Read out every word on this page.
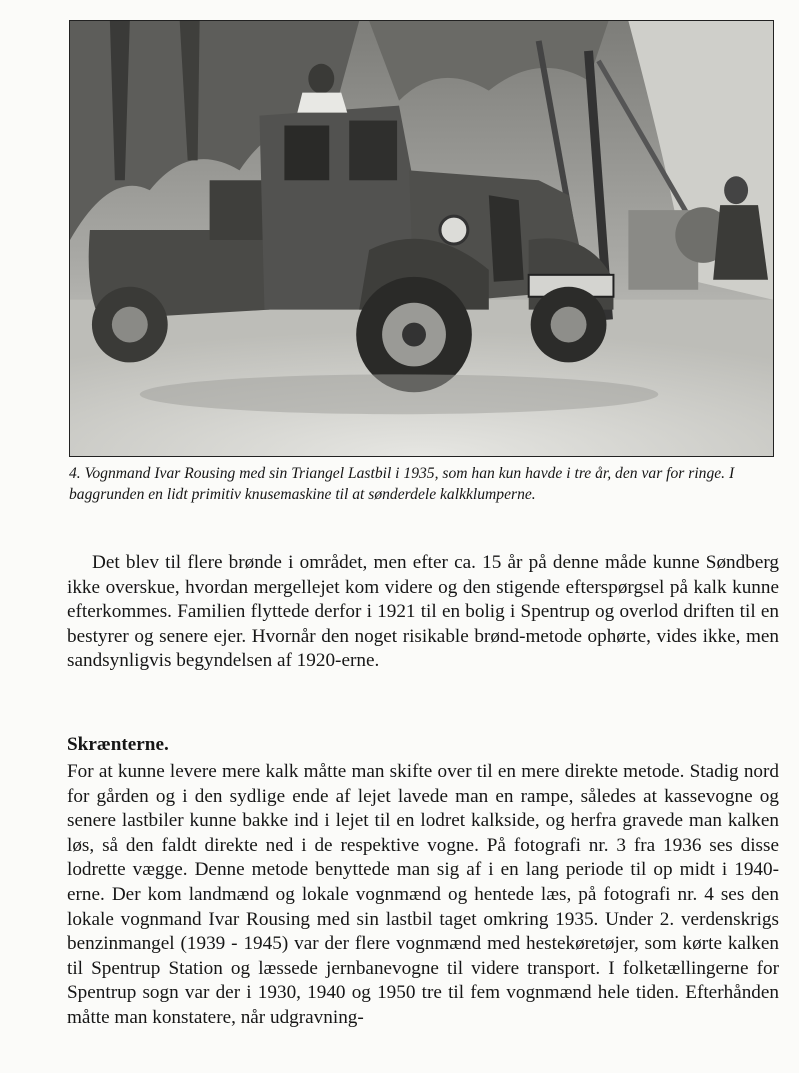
4. Vognmand Ivar Rousing med sin Triangel Lastbil i 1935, som han kun havde i tre år, den var for ringe. I baggrunden en lidt primitiv knusemaskine til at sønderdele kalkklumperne.

Det blev til flere brønde i området, men efter ca. 15 år på denne måde kunne Søndberg ikke overskue, hvordan mergellejet kom videre og den stigende efterspørgsel på kalk kunne efterkommes. Familien flyttede derfor i 1921 til en bolig i Spentrup og overlod driften til en bestyrer og senere ejer. Hvornår den noget risikable brønd-metode ophørte, vides ikke, men sandsynligvis begyndelsen af 1920-erne.

Skrænterne.

For at kunne levere mere kalk måtte man skifte over til en mere direkte metode. Stadig nord for gården og i den sydlige ende af lejet lavede man en rampe, således at kassevogne og senere lastbiler kunne bakke ind i lejet til en lodret kalkside, og herfra gravede man kalken løs, så den faldt direkte ned i de respektive vogne. På fotografi nr. 3 fra 1936 ses disse lodrette vægge. Denne metode benyttede man sig af i en lang periode til op midt i 1940-erne. Der kom landmænd og lokale vognmænd og hentede læs, på fotografi nr. 4 ses den lokale vognmand Ivar Rousing med sin lastbil taget omkring 1935. Under 2. verdenskrigs benzinmangel (1939 - 1945) var der flere vognmænd med hestekøretøjer, som kørte kalken til Spentrup Station og læssede jernbanevogne til videre transport. I folketællingerne for Spentrup sogn var der i 1930, 1940 og 1950 tre til fem vognmænd hele tiden. Efterhånden måtte man konstatere, når udgravning-
